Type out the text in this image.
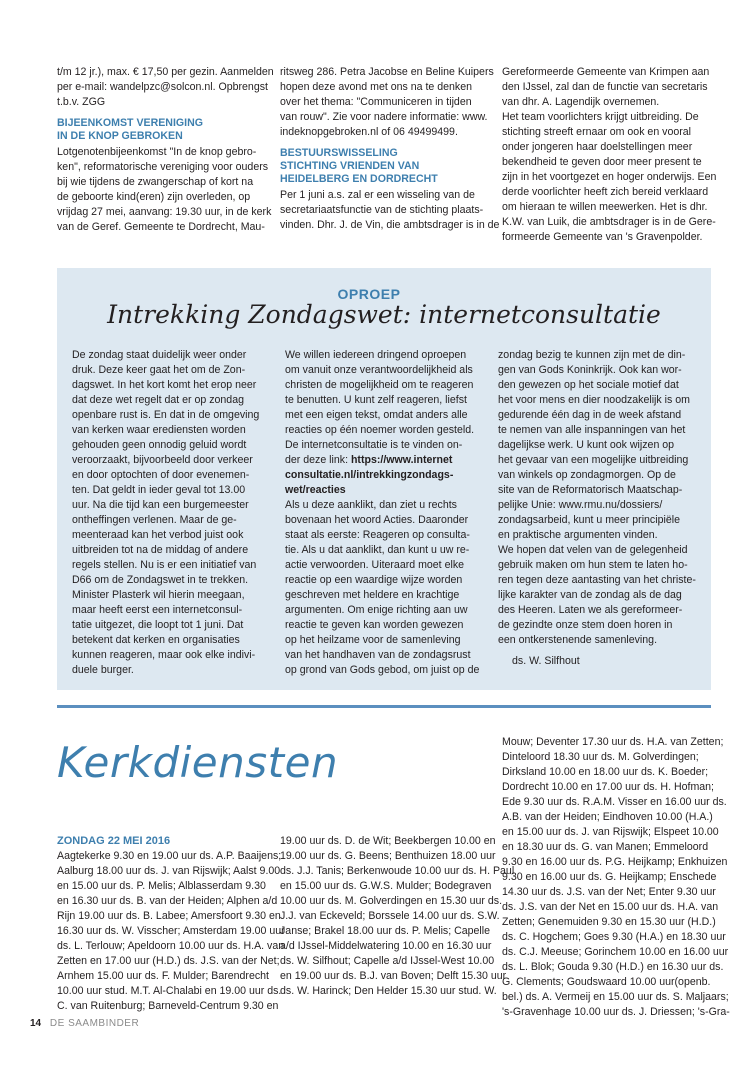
t/m 12 jr.), max. € 17,50 per gezin. Aanmelden
per e-mail: wandelpzc@solcon.nl. Opbrengst
t.b.v. ZGG
BIJEENKOMST VERENIGING
IN DE KNOP GEBROKEN
Lotgenotenbijeenkomst "In de knop gebro-
ken", reformatorische vereniging voor ouders
bij wie tijdens de zwangerschap of kort na
de geboorte kind(eren) zijn overleden, op
vrijdag 27 mei, aanvang: 19.30 uur, in de kerk
van de Geref. Gemeente te Dordrecht, Mau-
ritsweg 286. Petra Jacobse en Beline Kuipers
hopen deze avond met ons na te denken
over het thema: "Communiceren in tijden
van rouw". Zie voor nadere informatie: www.
indeknopgebroken.nl of 06 49499499.
BESTUURSWISSELING
STICHTING VRIENDEN VAN
HEIDELBERG EN DORDRECHT
Per 1 juni a.s. zal er een wisseling van de
secretariaatsfunctie van de stichting plaats-
vinden. Dhr. J. de Vin, die ambtsdrager is in de
Gereformeerde Gemeente van Krimpen aan
den IJssel, zal dan de functie van secretaris
van dhr. A. Lagendijk overnemen.
Het team voorlichters krijgt uitbreiding. De
stichting streeft ernaar om ook en vooral
onder jongeren haar doelstellingen meer
bekendheid te geven door meer present te
zijn in het voortgezet en hoger onderwijs. Een
derde voorlichter heeft zich bereid verklaard
om hieraan te willen meewerken. Het is dhr.
K.W. van Luik, die ambtsdrager is in de Gere-
formeerde Gemeente van 's Gravenpolder.
OPROEP
Intrekking Zondagswet: internetconsultatie
De zondag staat duidelijk weer onder
druk. Deze keer gaat het om de Zon-
dagswet. In het kort komt het erop neer
dat deze wet regelt dat er op zondag
openbare rust is. En dat in de omgeving
van kerken waar erediensten worden
gehouden geen onnodig geluid wordt
veroorzaakt, bijvoorbeeld door verkeer
en door optochten of door evenemen-
ten. Dat geldt in ieder geval tot 13.00
uur. Na die tijd kan een burgemeester
ontheffingen verlenen. Maar de ge-
meenteraad kan het verbod juist ook
uitbreiden tot na de middag of andere
regels stellen. Nu is er een initiatief van
D66 om de Zondagswet in te trekken.
Minister Plasterk wil hierin meegaan,
maar heeft eerst een internetconsul-
tatie uitgezet, die loopt tot 1 juni. Dat
betekent dat kerken en organisaties
kunnen reageren, maar ook elke indivi-
duele burger.
We willen iedereen dringend oproepen
om vanuit onze verantwoordelijkheid als
christen de mogelijkheid om te reageren
te benutten. U kunt zelf reageren, liefst
met een eigen tekst, omdat anders alle
reacties op één noemer worden gesteld.
De internetconsultatie is te vinden on-
der deze link: https://www.internet
consultatie.nl/intrekkingzondags-
wet/reacties
Als u deze aanklikt, dan ziet u rechts
bovenaan het woord Acties. Daaronder
staat als eerste: Reageren op consulta-
tie. Als u dat aanklikt, dan kunt u uw re-
actie verwoorden. Uiteraard moet elke
reactie op een waardige wijze worden
geschreven met heldere en krachtige
argumenten. Om enige richting aan uw
reactie te geven kan worden gewezen
op het heilzame voor de samenleving
van het handhaven van de zondagsrust
op grond van Gods gebod, om juist op de
zondag bezig te kunnen zijn met de din-
gen van Gods Koninkrijk. Ook kan wor-
den gewezen op het sociale motief dat
het voor mens en dier noodzakelijk is om
gedurende één dag in de week afstand
te nemen van alle inspanningen van het
dagelijkse werk. U kunt ook wijzen op
het gevaar van een mogelijke uitbreiding
van winkels op zondagmorgen. Op de
site van de Reformatorisch Maatschap-
pelijke Unie: www.rmu.nu/dossiers/
zondagsarbeid, kunt u meer principiële
en praktische argumenten vinden.
We hopen dat velen van de gelegenheid
gebruik maken om hun stem te laten ho-
ren tegen deze aantasting van het christe-
lijke karakter van de zondag als de dag
des Heeren. Laten we als gereformeer-
de gezindte onze stem doen horen in
een ontkerstenende samenleving.
ds. W. Silfhout
Kerkdiensten
ZONDAG 22 MEI 2016
Aagtekerke 9.30 en 19.00 uur ds. A.P. Baaijens;
Aalburg 18.00 uur ds. J. van Rijswijk; Aalst 9.00
en 15.00 uur ds. P. Melis; Alblasserdam 9.30
en 16.30 uur ds. B. van der Heiden; Alphen a/d
Rijn 19.00 uur ds. B. Labee; Amersfoort 9.30 en
16.30 uur ds. W. Visscher; Amsterdam 19.00 uur
ds. L. Terlouw; Apeldoorn 10.00 uur ds. H.A. van
Zetten en 17.00 uur (H.D.) ds. J.S. van der Net;
Arnhem 15.00 uur ds. F. Mulder; Barendrecht
10.00 uur stud. M.T. Al-Chalabi en 19.00 uur ds.
C. van Ruitenburg; Barneveld-Centrum 9.30 en
19.00 uur ds. D. de Wit; Beekbergen 10.00 en
19.00 uur ds. G. Beens; Benthuizen 18.00 uur
ds. J.J. Tanis; Berkenwoude 10.00 uur ds. H. Paul
en 15.00 uur ds. G.W.S. Mulder; Bodegraven
10.00 uur ds. M. Golverdingen en 15.30 uur ds.
J.J. van Eckeveld; Borssele 14.00 uur ds. S.W.
Janse; Brakel 18.00 uur ds. P. Melis; Capelle
a/d IJssel-Middelwatering 10.00 en 16.30 uur
ds. W. Silfhout; Capelle a/d IJssel-West 10.00
en 19.00 uur ds. B.J. van Boven; Delft 15.30 uur
ds. W. Harinck; Den Helder 15.30 uur stud. W.
Mouw; Deventer 17.30 uur ds. H.A. van Zetten;
Dinteloord 18.30 uur ds. M. Golverdingen;
Dirksland 10.00 en 18.00 uur ds. K. Boeder;
Dordrecht 10.00 en 17.00 uur ds. H. Hofman;
Ede 9.30 uur ds. R.A.M. Visser en 16.00 uur ds.
A.B. van der Heiden; Eindhoven 10.00 (H.A.)
en 15.00 uur ds. J. van Rijswijk; Elspeet 10.00
en 18.30 uur ds. G. van Manen; Emmeloord
9.30 en 16.00 uur ds. P.G. Heijkamp; Enkhuizen
9.30 en 16.00 uur ds. G. Heijkamp; Enschede
14.30 uur ds. J.S. van der Net; Enter 9.30 uur
ds. J.S. van der Net en 15.00 uur ds. H.A. van
Zetten; Genemuiden 9.30 en 15.30 uur (H.D.)
ds. C. Hogchem; Goes 9.30 (H.A.) en 18.30 uur
ds. C.J. Meeuse; Gorinchem 10.00 en 16.00 uur
ds. L. Blok; Gouda 9.30 (H.D.) en 16.30 uur ds.
G. Clements; Goudswaard 10.00 uur(openb.
bel.) ds. A. Vermeij en 15.00 uur ds. S. Maljaars;
's-Gravenhage 10.00 uur ds. J. Driessen; 's-Gra-
14 DE SAAMBINDER
